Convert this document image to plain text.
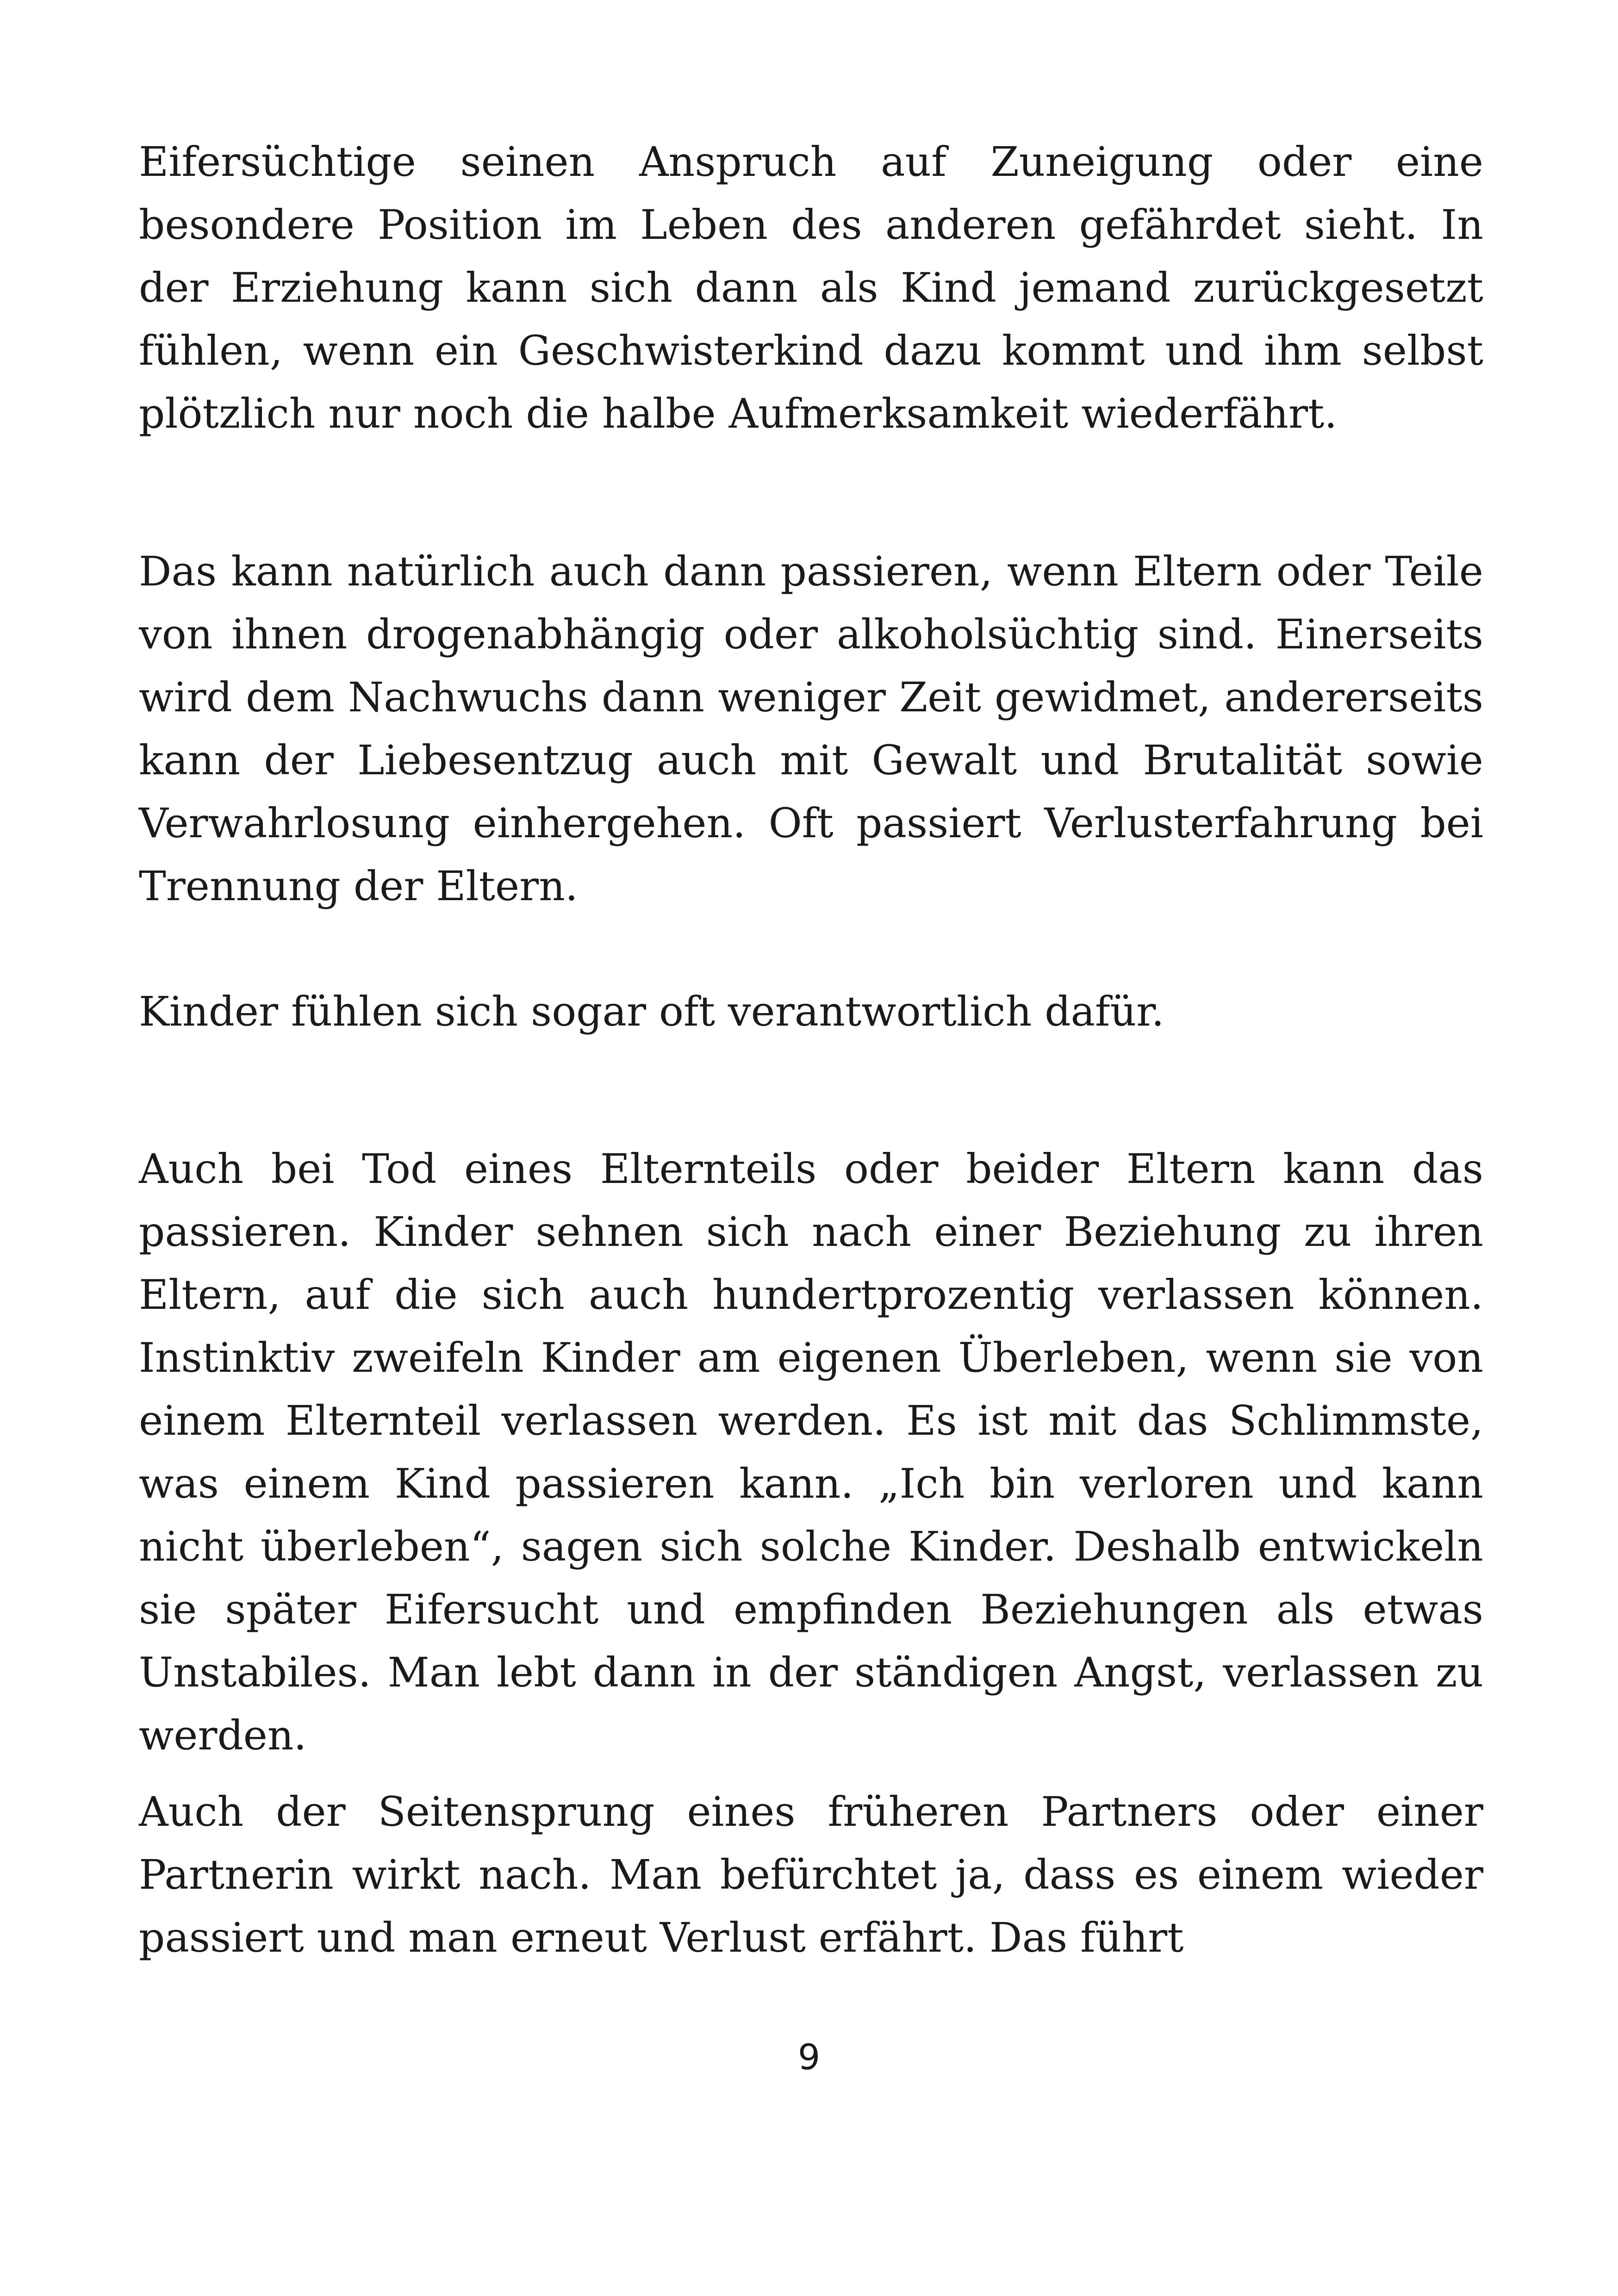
Eifersüchtige seinen Anspruch auf Zuneigung oder eine besondere Position im Leben des anderen gefährdet sieht. In der Erziehung kann sich dann als Kind jemand zurückgesetzt fühlen, wenn ein Geschwisterkind dazu kommt und ihm selbst plötzlich nur noch die halbe Aufmerksamkeit wiederfährt.

Das kann natürlich auch dann passieren, wenn Eltern oder Teile von ihnen drogenabhängig oder alkoholsüchtig sind. Einerseits wird dem Nachwuchs dann weniger Zeit gewidmet, andererseits kann der Liebesentzug auch mit Gewalt und Brutalität sowie Verwahrlosung einhergehen. Oft passiert Verlusterfahrung bei Trennung der Eltern.

Kinder fühlen sich sogar oft verantwortlich dafür.

Auch bei Tod eines Elternteils oder beider Eltern kann das passieren. Kinder sehnen sich nach einer Beziehung zu ihren Eltern, auf die sich auch hundertprozentig verlassen können. Instinktiv zweifeln Kinder am eigenen Überleben, wenn sie von einem Elternteil verlassen werden. Es ist mit das Schlimmste, was einem Kind passieren kann. „Ich bin verloren und kann nicht überleben“, sagen sich solche Kinder. Deshalb entwickeln sie später Eifersucht und empfinden Beziehungen als etwas Unstabiles. Man lebt dann in der ständigen Angst, verlassen zu werden.

Auch der Seitensprung eines früheren Partners oder einer Partnerin wirkt nach. Man befürchtet ja, dass es einem wieder passiert und man erneut Verlust erfährt. Das führt

9
